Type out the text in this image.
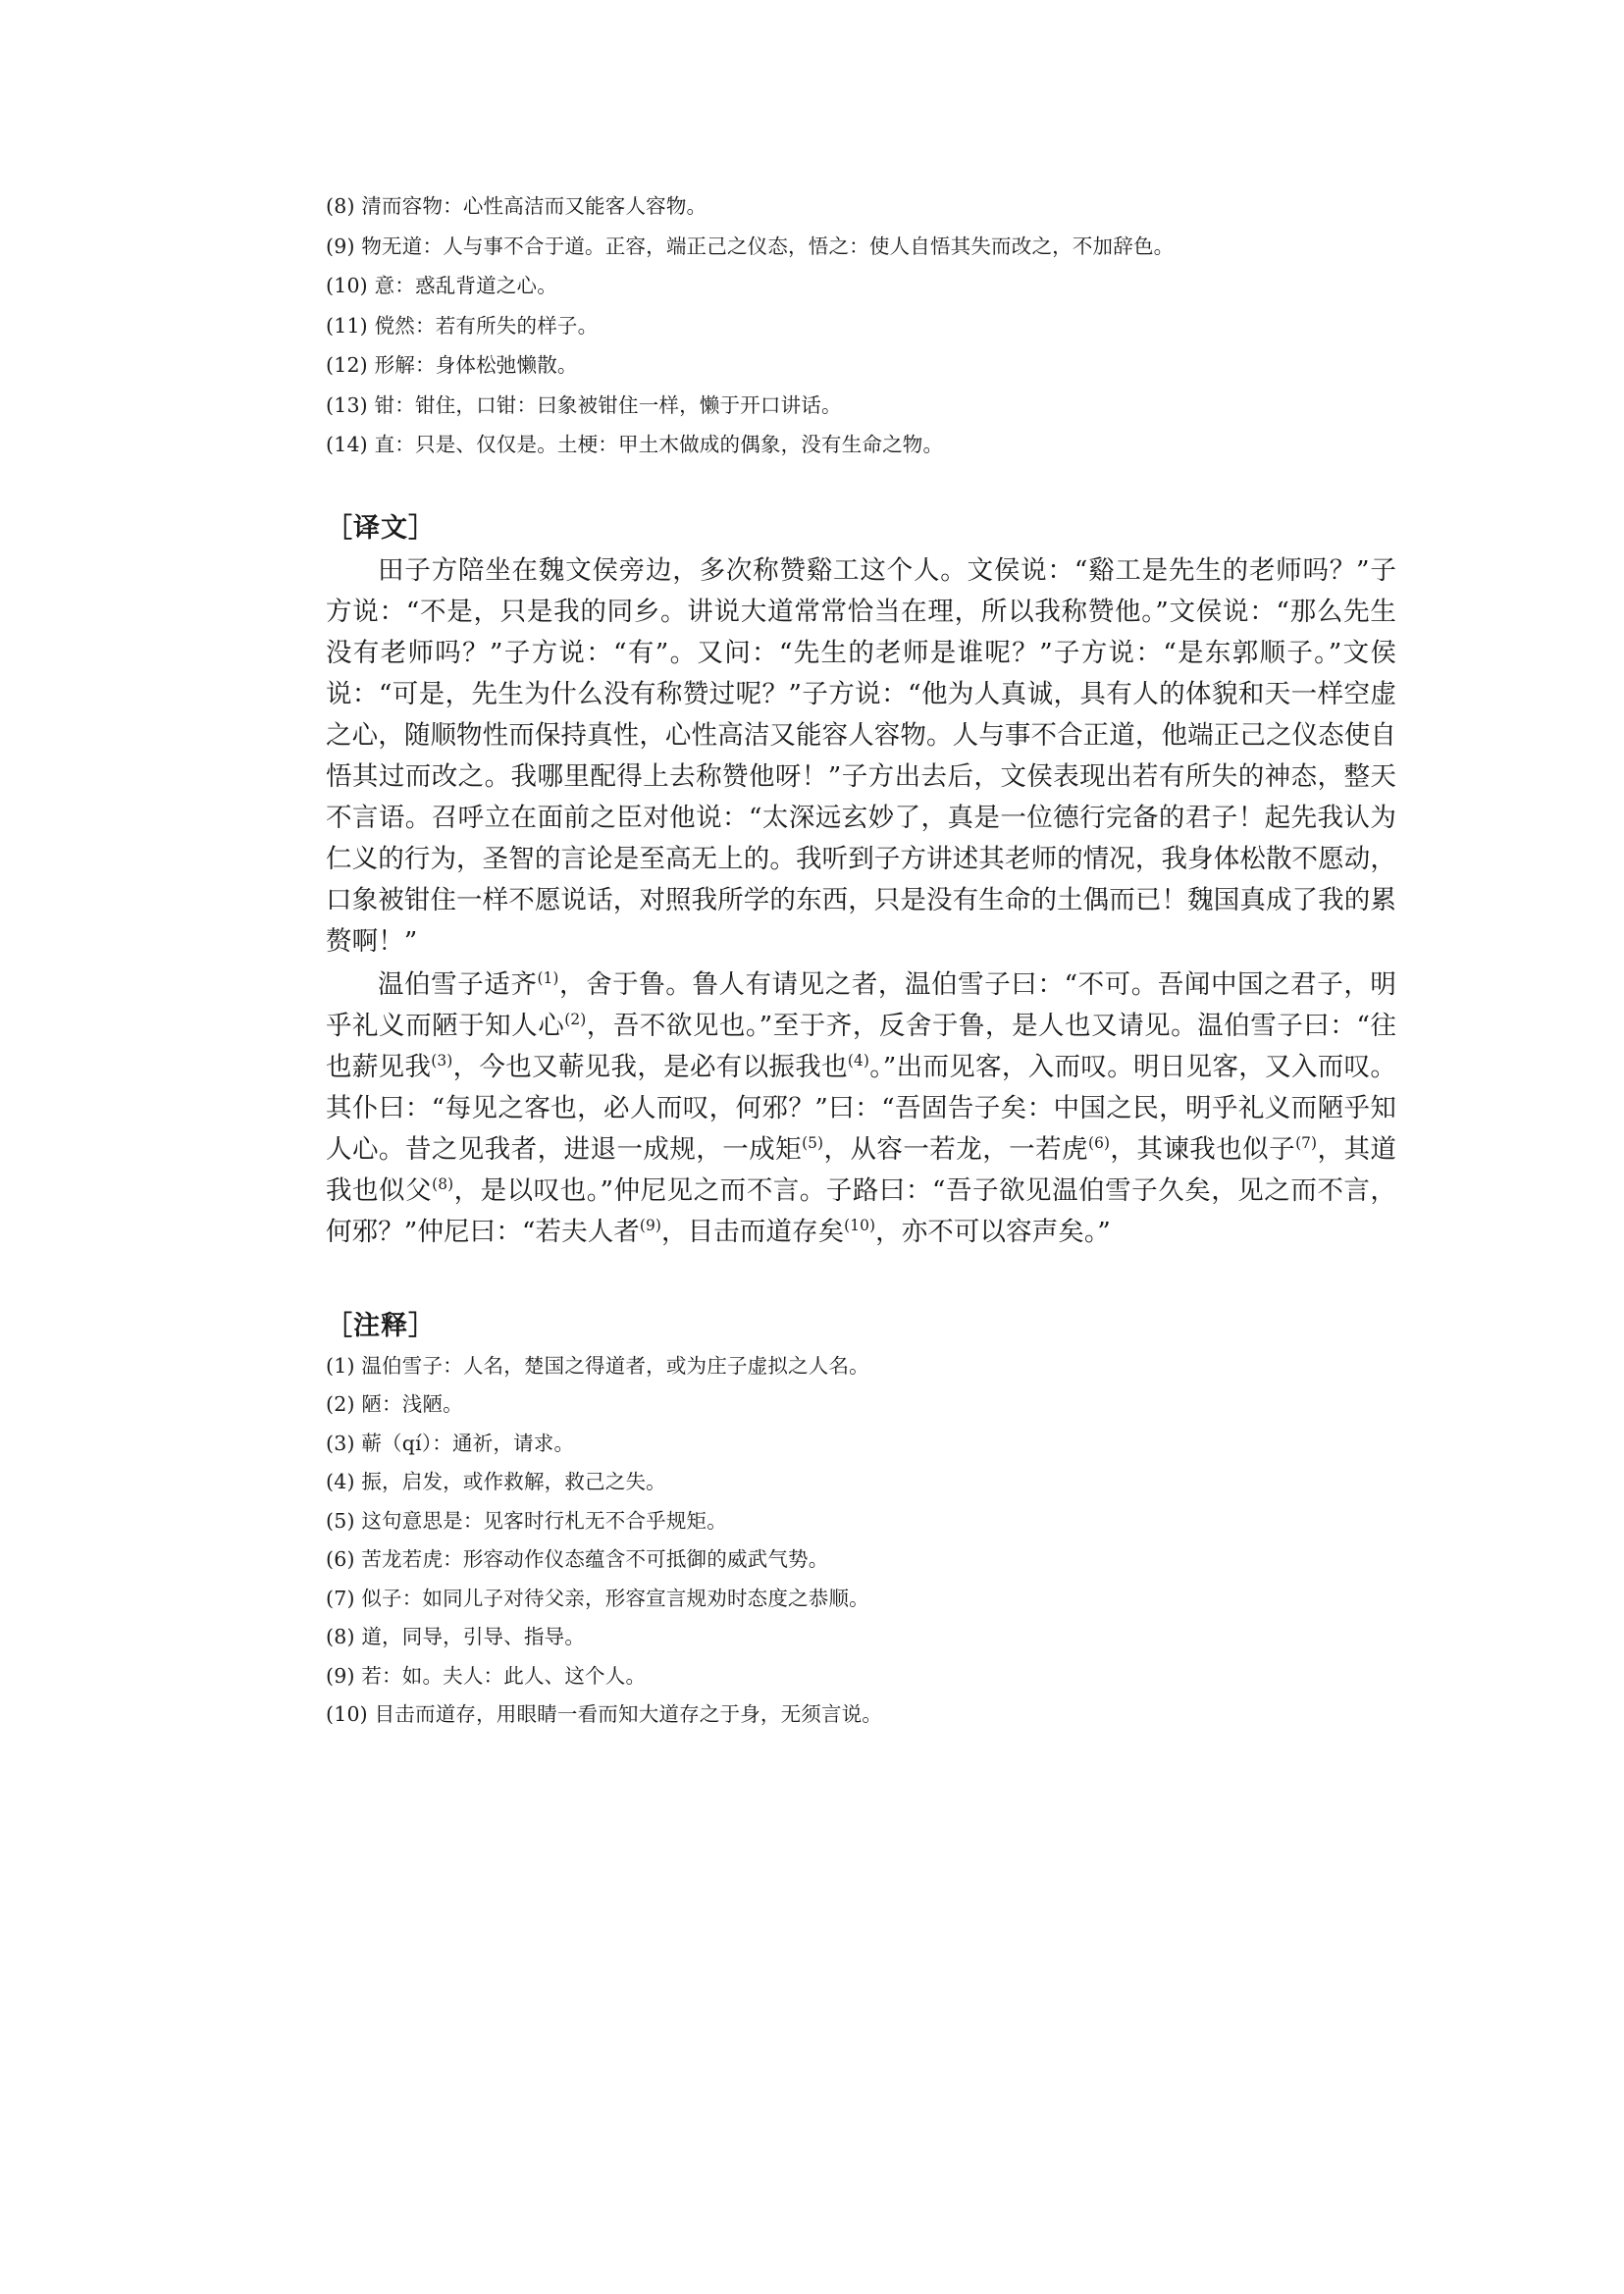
(8) 清而容物：心性高洁而又能客人容物。

(9) 物无道：人与事不合于道。正容，端正己之仪态，悟之：使人自悟其失而改之，不加辞色。

(10) 意：惑乱背道之心。

(11) 傥然：若有所失的样子。

(12) 形解：身体松弛懒散。

(13) 钳：钳住，口钳：曰象被钳住一样，懒于开口讲话。

(14) 直：只是、仅仅是。土梗：甲土木做成的偶象，没有生命之物。

［译文］

田子方陪坐在魏文侯旁边，多次称赞谿工这个人。文侯说：“谿工是先生的老师吗？”子方说：“不是，只是我的同乡。讲说大道常常恰当在理，所以我称赞他。”文侯说：“那么先生没有老师吗？”子方说：“有”。又问：“先生的老师是谁呢？”子方说：“是东郭顺子。”文侯说：“可是，先生为什么没有称赞过呢？”子方说：“他为人真诚，具有人的体貌和天一样空虚之心，随顺物性而保持真性，心性高洁又能容人容物。人与事不合正道，他端正己之仪态使自悟其过而改之。我哪里配得上去称赞他呀！”子方出去后，文侯表现出若有所失的神态，整天不言语。召呼立在面前之臣对他说：“太深远玄妙了，真是一位德行完备的君子！起先我认为仁义的行为，圣智的言论是至高无上的。我听到子方讲述其老师的情况，我身体松散不愿动，口象被钳住一样不愿说话，对照我所学的东西，只是没有生命的土偶而已！魏国真成了我的累赘啊！”

温伯雪子适齐$^{(1)}$，舍于鲁。鲁人有请见之者，温伯雪子曰：“不可。吾闻中国之君子，明乎礼义而陋于知人心$^{(2)}$，吾不欲见也。”至于齐，反舍于鲁，是人也又请见。温伯雪子曰：“往也薪见我$^{(3)}$，今也又蕲见我，是必有以振我也$^{(4)}$。”出而见客，入而叹。明日见客，又入而叹。其仆曰：“每见之客也，必人而叹，何邪？”曰：“吾固告子矣：中国之民，明乎礼义而陋乎知人心。昔之见我者，进退一成规，一成矩$^{(5)}$，从容一若龙，一若虎$^{(6)}$，其谏我也似子$^{(7)}$，其道我也似父$^{(8)}$，是以叹也。”仲尼见之而不言。子路曰：“吾子欲见温伯雪子久矣，见之而不言，何邪？”仲尼曰：“若夫人者$^{(9)}$，目击而道存矣$^{(10)}$，亦不可以容声矣。”

［注释］

(1) 温伯雪子：人名，楚国之得道者，或为庄子虚拟之人名。

(2) 陋：浅陋。

(3) 蕲（qí）：通祈，请求。

(4) 振，启发，或作救解，救己之失。

(5) 这句意思是：见客时行札无不合乎规矩。

(6) 苦龙若虎：形容动作仪态蕴含不可抵御的威武气势。

(7) 似子：如同儿子对待父亲，形容宣言规劝时态度之恭顺。

(8) 道，同导，引导、指导。

(9) 若：如。夫人：此人、这个人。

(10) 目击而道存，用眼睛一看而知大道存之于身，无须言说。
